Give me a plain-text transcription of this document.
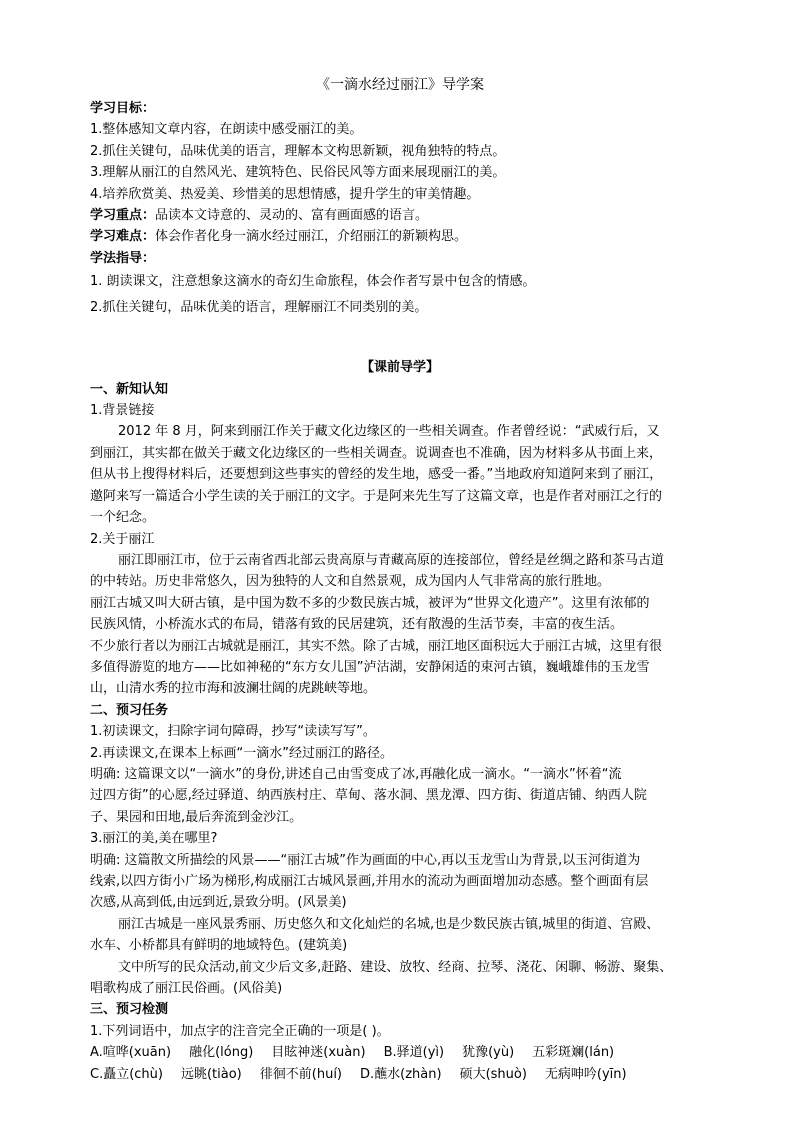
《一滴水经过丽江》导学案
学习目标：
1.整体感知文章内容，在朗读中感受丽江的美。
2.抓住关键句，品味优美的语言，理解本文构思新颖，视角独特的特点。
3.理解从丽江的自然风光、建筑特色、民俗民风等方面来展现丽江的美。
4.培养欣赏美、热爱美、珍惜美的思想情感，提升学生的审美情趣。
学习重点：品读本文诗意的、灵动的、富有画面感的语言。
学习难点：体会作者化身一滴水经过丽江，介绍丽江的新颖构思。
学法指导：
1. 朗读课文，注意想象这滴水的奇幻生命旅程，体会作者写景中包含的情感。
2.抓住关键句，品味优美的语言，理解丽江不同类别的美。
【课前导学】
一、新知认知
1.背景链接
2012 年 8 月，阿来到丽江作关于藏文化边缘区的一些相关调查。作者曾经说：“武威行后，又
到丽江，其实都在做关于藏文化边缘区的一些相关调查。说调查也不准确，因为材料多从书面上来，
但从书上搜得材料后，还要想到这些事实的曾经的发生地，感受一番。”当地政府知道阿来到了丽江，
邀阿来写一篇适合小学生读的关于丽江的文字。于是阿来先生写了这篇文章，也是作者对丽江之行的
一个纪念。
2.关于丽江
丽江即丽江市，位于云南省西北部云贵高原与青藏高原的连接部位，曾经是丝绸之路和茶马古道
的中转站。历史非常悠久，因为独特的人文和自然景观，成为国内人气非常高的旅行胜地。
丽江古城又叫大研古镇，是中国为数不多的少数民族古城，被评为“世界文化遗产”。这里有浓郁的
民族风情，小桥流水式的布局，错落有致的民居建筑，还有散漫的生活节奏，丰富的夜生活。
不少旅行者以为丽江古城就是丽江，其实不然。除了古城，丽江地区面积远大于丽江古城，这里有很
多值得游览的地方——比如神秘的“东方女儿国”泸沽湖，安静闲适的束河古镇，巍峨雄伟的玉龙雪
山，山清水秀的拉市海和波澜壮阔的虎跳峡等地。
二、预习任务
1.初读课文，扫除字词句障碍，抄写“读读写写”。
2.再读课文,在课本上标画“一滴水”经过丽江的路径。
明确: 这篇课文以“一滴水”的身份,讲述自己由雪变成了冰,再融化成一滴水。“一滴水”怀着“流
过四方街”的心愿,经过驿道、纳西族村庄、草甸、落水洞、黑龙潭、四方街、街道店铺、纳西人院
子、果园和田地,最后奔流到金沙江。
3.丽江的美,美在哪里?
明确: 这篇散文所描绘的风景——“丽江古城”作为画面的中心,再以玉龙雪山为背景,以玉河街道为
线索,以四方街小广场为梯形,构成丽江古城风景画,并用水的流动为画面增加动态感。整个画面有层
次感,从高到低,由远到近,景致分明。(风景美)
丽江古城是一座风景秀丽、历史悠久和文化灿烂的名城,也是少数民族古镇,城里的街道、宫殿、
水车、小桥都具有鲜明的地域特色。(建筑美)
文中所写的民众活动,前文少后文多,赶路、建设、放牧、经商、拉琴、浇花、闲聊、畅游、聚集、
唱歌构成了丽江民俗画。(风俗美)
三、预习检测
1.下列词语中，加点字的注音完全正确的一项是( )。
A.喧哗(xuān) 融化(lóng) 目眩神迷(xuàn) B.驿道(yì) 犹豫(yù) 五彩斑斓(lán)
C.矗立(chù) 远眺(tiào) 徘徊不前(huí) D.蘸水(zhàn) 硕大(shuò) 无病呻吟(yīn)
